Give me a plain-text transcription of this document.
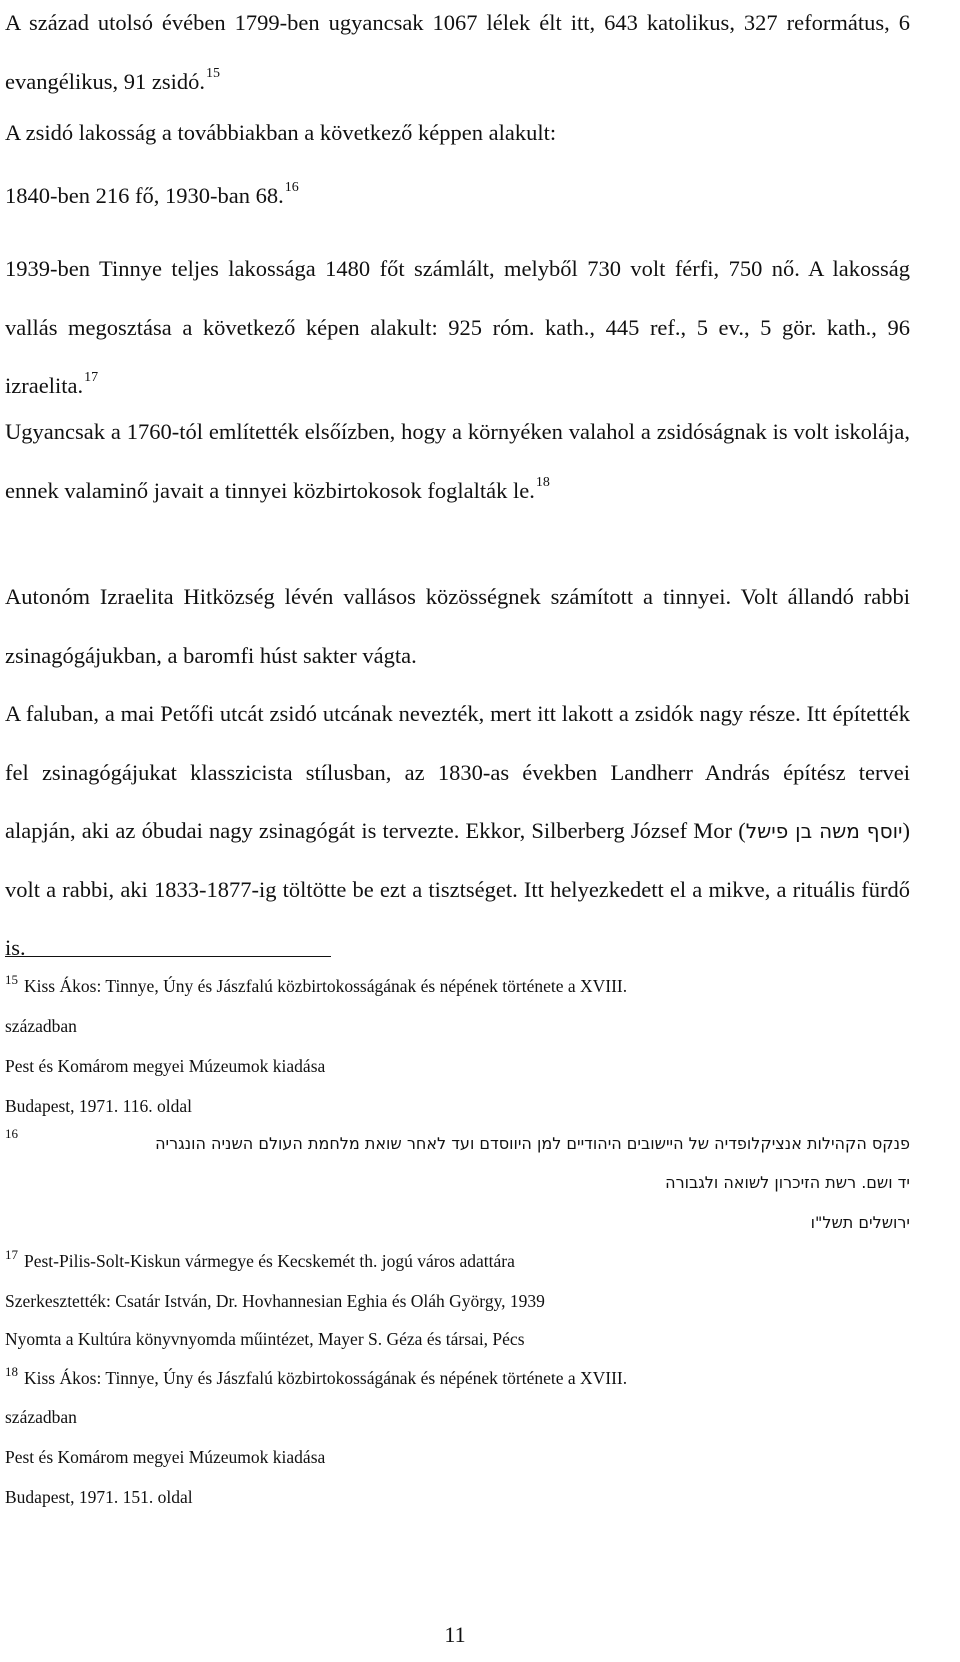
A század utolsó évében 1799-ben ugyancsak 1067 lélek élt itt, 643 katolikus, 327 református, 6 evangélikus, 91 zsidó.$^{15}$
A zsidó lakosság a továbbiakban a következő képpen alakult:
1840-ben 216 fő, 1930-ban 68.16
1939-ben Tinnye teljes lakossága 1480 főt számlált, melyből 730 volt férfi, 750 nő. A lakosság vallás megosztása a következő képen alakult: 925 róm. kath., 445 ref., 5 ev., 5 gör. kath., 96 izraelita.$^{17}$
Ugyancsak a 1760-tól említették elsőízben, hogy a környéken valahol a zsidóságnak is volt iskolája, ennek valaminő javait a tinnyei közbirtokosok foglalták le.$^{18}$
Autonóm Izraelita Hitközség lévén vallásos közösségnek számított a tinnyei. Volt állandó rabbi zsinagógájukban, a baromfi húst sakter vágta.
A faluban, a mai Petőfi utcát zsidó utcának nevezték, mert itt lakott a zsidók nagy része. Itt építették fel zsinagógájukat klasszicista stílusban, az 1830-as években Landherr András építész tervei alapján, aki az óbudai nagy zsinagógát is tervezte. Ekkor, Silberberg József Mor (יוסף משה בן פישל) volt a rabbi, aki 1833-1877-ig töltötte be ezt a tisztséget. Itt helyezkedett el a mikve, a rituális fürdő is.
$^{15}$ Kiss Ákos: Tinnye, Úny és Jászfalú közbirtokosságának és népének története a XVIII.
században
Pest és Komárom megyei Múzeumok kiadása
Budapest, 1971. 116. oldal
16
פנקס הקהילות אנציקלופדיה של היישובים היהודיים למן היווסדם ועד לאחר שואת מלחמת העולם השניה הונגריה
יד ושם. רשת הזיכרון לשואה ולגבורה
ירושלים תשל"ו
$^{17}$ Pest-Pilis-Solt-Kiskun vármegye és Kecskemét th. jogú város adattára
Szerkesztették: Csatár István, Dr. Hovhannesian Eghia és Oláh György, 1939
Nyomta a Kultúra könyvnyomda műintézet, Mayer S. Géza és társai, Pécs
$^{18}$ Kiss Ákos: Tinnye, Úny és Jászfalú közbirtokosságának és népének története a XVIII.
században
Pest és Komárom megyei Múzeumok kiadása
Budapest, 1971. 151. oldal
11
